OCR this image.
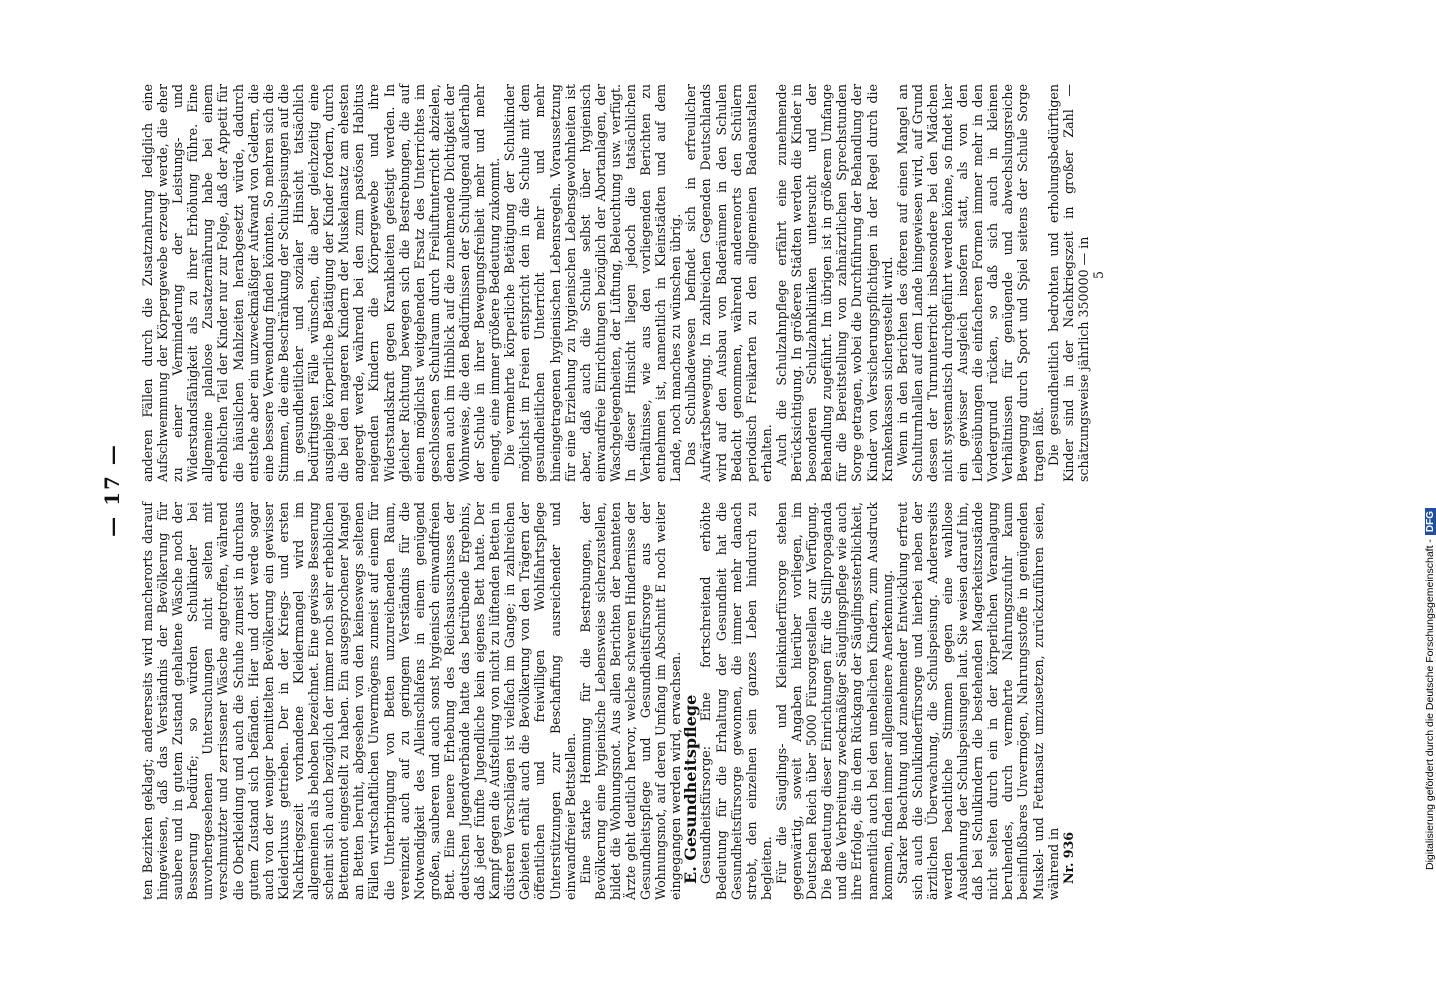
— 17 —

ten Bezirken geklagt; andererseits wird mancherorts darauf hingewiesen, daß das Verständnis der Bevölkerung für saubere und in gutem Zustand gehaltene Wäsche noch der Besserung bedürfe; so würden Schulkinder bei unvorhergesehenen Untersuchungen nicht selten mit verschmutzter und zerrissener Wäsche angetroffen, während die Oberkleidung und auch die Schuhe zumeist in durchaus gutem Zustand sich befänden. Hier und dort werde sogar auch von der weniger bemittelten Bevölkerung ein gewisser Kleiderluxus getrieben. Der in der Kriegs- und ersten Nachkriegszeit vorhandene Kleidermangel wird im allgemeinen als behoben bezeichnet. Eine gewisse Besserung scheint sich auch bezüglich der immer noch sehr erheblichen Bettennot eingestellt zu haben. Ein ausgesprochener Mangel an Betten beruht, abgesehen von den keineswegs seltenen Fällen wirtschaftlichen Unvermögens zumeist auf einem für die Unterbringung von Betten unzureichenden Raum, vereinzelt auch auf zu geringem Verständnis für die Notwendigkeit des Alleinschlafens in einem genügend großen, sauberen und auch sonst hygienisch einwandfreien Bett. Eine neuere Erhebung des Reichsausschusses der deutschen Jugendverbände hatte das betrübende Ergebnis, daß jeder fünfte Jugendliche kein eigenes Bett hatte. Der Kampf gegen die Aufstellung von nicht zu lüftenden Betten in düsteren Verschlägen ist vielfach im Gange; in zahlreichen Gebieten erhält auch die Bevölkerung von den Trägern der öffentlichen und freiwilligen Wohlfahrtspflege Unterstützungen zur Beschaffung ausreichender und einwandfreier Bettstellen. Eine starke Hemmung für die Bestrebungen, der Bevölkerung eine hygienische Lebensweise sicherzustellen, bildet die Wohnungsnot. Aus allen Berichten der beamteten Ärzte geht deutlich hervor, welche schweren Hindernisse der Gesundheitspflege und Gesundheitsfürsorge aus der Wohnungsnot, auf deren Umfang im Abschnitt E noch weiter eingegangen werden wird, erwachsen.

E. Gesundheitspflege

Gesundheitsfürsorge: Eine fortschreitend erhöhte Bedeutung für die Erhaltung der Gesundheit hat die Gesundheitsfürsorge gewonnen, die immer mehr danach strebt, den einzelnen sein ganzes Leben hindurch zu begleiten. Für die Säuglings- und Kleinkinderfürsorge stehen gegenwärtig, soweit Angaben hierüber vorliegen, im Deutschen Reich über 5000 Fürsorgestellen zur Verfügung. Die Bedeutung dieser Einrichtungen für die Stillpropaganda und die Verbreitung zweckmäßiger Säuglingspflege wie auch ihre Erfolge, die in dem Rückgang der Säuglingssterblichkeit, namentlich auch bei den unehelichen Kindern, zum Ausdruck kommen, finden immer allgemeinere Anerkennung. Starker Beachtung und zunehmender Entwicklung erfreut sich auch die Schulkinderfürsorge und hierbei neben der ärztlichen Überwachung, die Schulspeisung. Andererseits werden beachtliche Stimmen gegen eine wahllose Ausdehnung der Schulspeisungen laut. Sie weisen darauf hin, daß bei Schulkindern die bestehenden Magerkeitszustände nicht selten durch ein in der körperlichen Veranlagung beruhendes, durch vermehrte Nahrungszufuhr kaum beeinflußbares Unvermögen, Nahrungsstoffe in genügenden Muskel- und Fettansatz umzusetzen, zurückzuführen seien, während in Nr. 936

anderen Fällen durch die Zusatznahrung lediglich eine Aufschwemmung der Körpergewebe erzeugt werde, die eher zu einer Verminderung der Leistungs- und Widerstandsfähigkeit als zu ihrer Erhöhung führe. Eine allgemeine planlose Zusatzernährung habe bei einem erheblichen Teil der Kinder nur zur Folge, daß der Appetit für die häuslichen Mahlzeiten herabgesetzt würde, dadurch entstehe aber ein unzweckmäßiger Aufwand von Geldern, die eine bessere Verwendung finden könnten. So mehren sich die Stimmen, die eine Beschränkung der Schulspeisungen auf die in gesundheitlicher und sozialer Hinsicht tatsächlich bedürftigsten Fälle wünschen, die aber gleichzeitig eine ausgiebige körperliche Betätigung der Kinder fordern, durch die bei den mageren Kindern der Muskelansatz am ehesten angeregt werde, während bei den zum pastösen Habitus neigenden Kindern die Körpergewebe und ihre Widerstandskraft gegen Krankheiten gefestigt werden. In gleicher Richtung bewegen sich die Bestrebungen, die auf einen möglichst weitgehenden Ersatz des Unterrichtes im geschlossenen Schulraum durch Freiluftunterricht abzielen, denen auch im Hinblick auf die zunehmende Dichtigkeit der Wohnweise, die den Bedürfnissen der Schuljugend außerhalb der Schule in ihrer Bewegungsfreiheit mehr und mehr einengt, eine immer größere Bedeutung zukommt. Die vermehrte körperliche Betätigung der Schulkinder möglichst im Freien entspricht den in die Schule mit dem gesundheitlichen Unterricht mehr und mehr hineingetragenen hygienischen Lebensregeln. Voraussetzung für eine Erziehung zu hygienischen Lebensgewohnheiten ist aber, daß auch die Schule selbst über hygienisch einwandfreie Einrichtungen bezüglich der Abortanlagen, der Waschgelegenheiten, der Lüftung, Beleuchtung usw. verfügt. In dieser Hinsicht liegen jedoch die tatsächlichen Verhältnisse, wie aus den vorliegenden Berichten zu entnehmen ist, namentlich in Kleinstädten und auf dem Lande, noch manches zu wünschen übrig. Das Schulbadewesen befindet sich in erfreulicher Aufwärtsbewegung. In zahlreichen Gegenden Deutschlands wird auf den Ausbau von Baderäumen in den Schulen Bedacht genommen, während anderenorts den Schülern periodisch Freikarten zu den allgemeinen Badeanstalten erhalten. Auch die Schulzahnpflege erfährt eine zunehmende Berücksichtigung. In größeren Städten werden die Kinder in besonderen Schulzahnkliniken untersucht und der Behandlung zugeführt. Im übrigen ist in größerem Umfange für die Bereitstellung von zahnärztlichen Sprechstunden Sorge getragen, wobei die Durchführung der Behandlung der Kinder von Versicherungspflichtigen in der Regel durch die Krankenkassen sichergestellt wird. Wenn in den Berichten des öfteren auf einen Mangel an Schulturnhallen auf dem Lande hingewiesen wird, auf Grund dessen der Turnunterricht insbesondere bei den Mädchen nicht systematisch durchgeführt werden könne, so findet hier ein gewisser Ausgleich insofern statt, als von den Leibesübungen die einfacheren Formen immer mehr in den Vordergrund rücken, so daß sich auch in kleinen Verhältnissen für genügende und abwechslungsreiche Bewegung durch Sport und Spiel seitens der Schule Sorge tragen läßt. Die gesundheitlich bedrohten und erholungsbedürftigen Kinder sind in der Nachkriegszeit in großer Zahl — schätzungsweise jährlich 350000 — in 5

Digitalisierung gefördert durch die Deutsche Forschungsgemeinschaft -DFG
